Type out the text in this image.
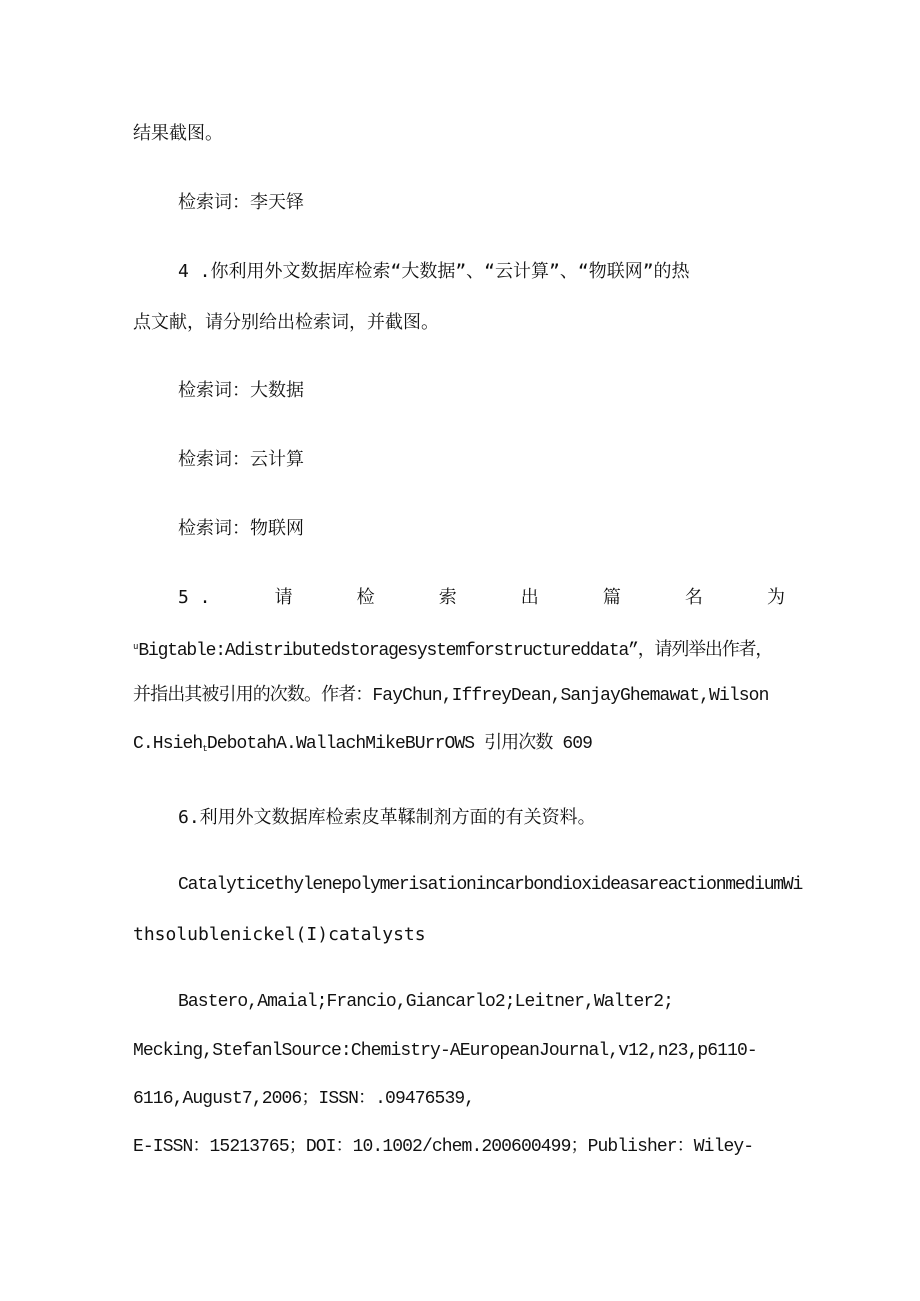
结果截图。
检索词：李天铎
4 .你利用外文数据库检索“大数据”、“云计算”、“物联网”的热
点文献，请分别给出检索词，并截图。
检索词：大数据
检索词：云计算
检索词：物联网
5 .	请	检	索	出	篇	名	为
$^u$Bigtable:Adistributedstoragesystemforstructureddata”，请列举出作者，
并指出其被引用的次数。作者：FayChun,IffreyDean,SanjayGhemawat,Wilson
C.Hsieh$_t$DebotahA.WallachMikeBUrrOWS 引用次数 609
6.利用外文数据库检索皮革鞣制剂方面的有关资料。
CatalyticethylenepolymerisationincarbondioxideasareactionmediumWi
thsolublenickel(I)catalysts
Bastero,Amaial;Francio,Giancarlo2;Leitner,Walter2;
Mecking,StefanlSource:Chemistry-AEuropeanJournal,v12,n23,p6110-
6116,August7,2006；ISSN：.09476539,
E-ISSN：15213765；DOI：10.1002/chem.200600499；Publisher：Wiley-
